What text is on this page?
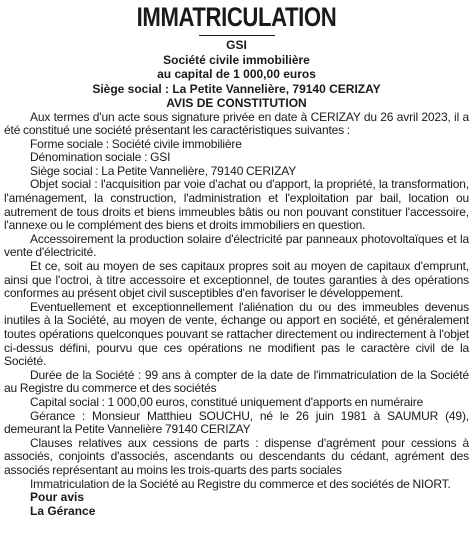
IMMATRICULATION

GSI

Société civile immobilière

au capital de 1 000,00 euros

Siège social : La Petite Vannelière, 79140 CERIZAY

AVIS DE CONSTITUTION

Aux termes d'un acte sous signature privée en date à CERIZAY du 26 avril 2023, il a été constitué une société présentant les caractéristiques suivantes :

Forme sociale : Société civile immobilière

Dénomination sociale : GSI

Siège social : La Petite Vannelière, 79140 CERIZAY

Objet social : l'acquisition par voie d'achat ou d'apport, la propriété, la transformation, l'aménagement, la construction, l'administration et l'exploitation par bail, location ou autrement de tous droits et biens immeubles bâtis ou non pouvant constituer l'accessoire, l'annexe ou le complément des biens et droits immobiliers en question.

Accessoirement la production solaire d'électricité par panneaux photovoltaïques et la vente d'électricité.

Et ce, soit au moyen de ses capitaux propres soit au moyen de capitaux d'emprunt, ainsi que l'octroi, à titre accessoire et exceptionnel, de toutes garanties à des opérations conformes au présent objet civil susceptibles d'en favoriser le développement.

Eventuellement et exceptionnellement l'aliénation du ou des immeubles devenus inutiles à la Société, au moyen de vente, échange ou apport en société, et généralement toutes opérations quelconques pouvant se rattacher directement ou indirectement à l'objet ci-dessus défini, pourvu que ces opérations ne modifient pas le caractère civil de la Société.

Durée de la Société : 99 ans à compter de la date de l'immatriculation de la Société au Registre du commerce et des sociétés

Capital social : 1 000,00 euros, constitué uniquement d'apports en numéraire

Gérance : Monsieur Matthieu SOUCHU, né le 26 juin 1981 à SAUMUR (49), demeurant la Petite Vannelière 79140 CERIZAY

Clauses relatives aux cessions de parts : dispense d'agrément pour cessions à associés, conjoints d'associés, ascendants ou descendants du cédant, agrément des associés représentant au moins les trois-quarts des parts sociales

Immatriculation de la Société au Registre du commerce et des sociétés de NIORT.

Pour avis

La Gérance
